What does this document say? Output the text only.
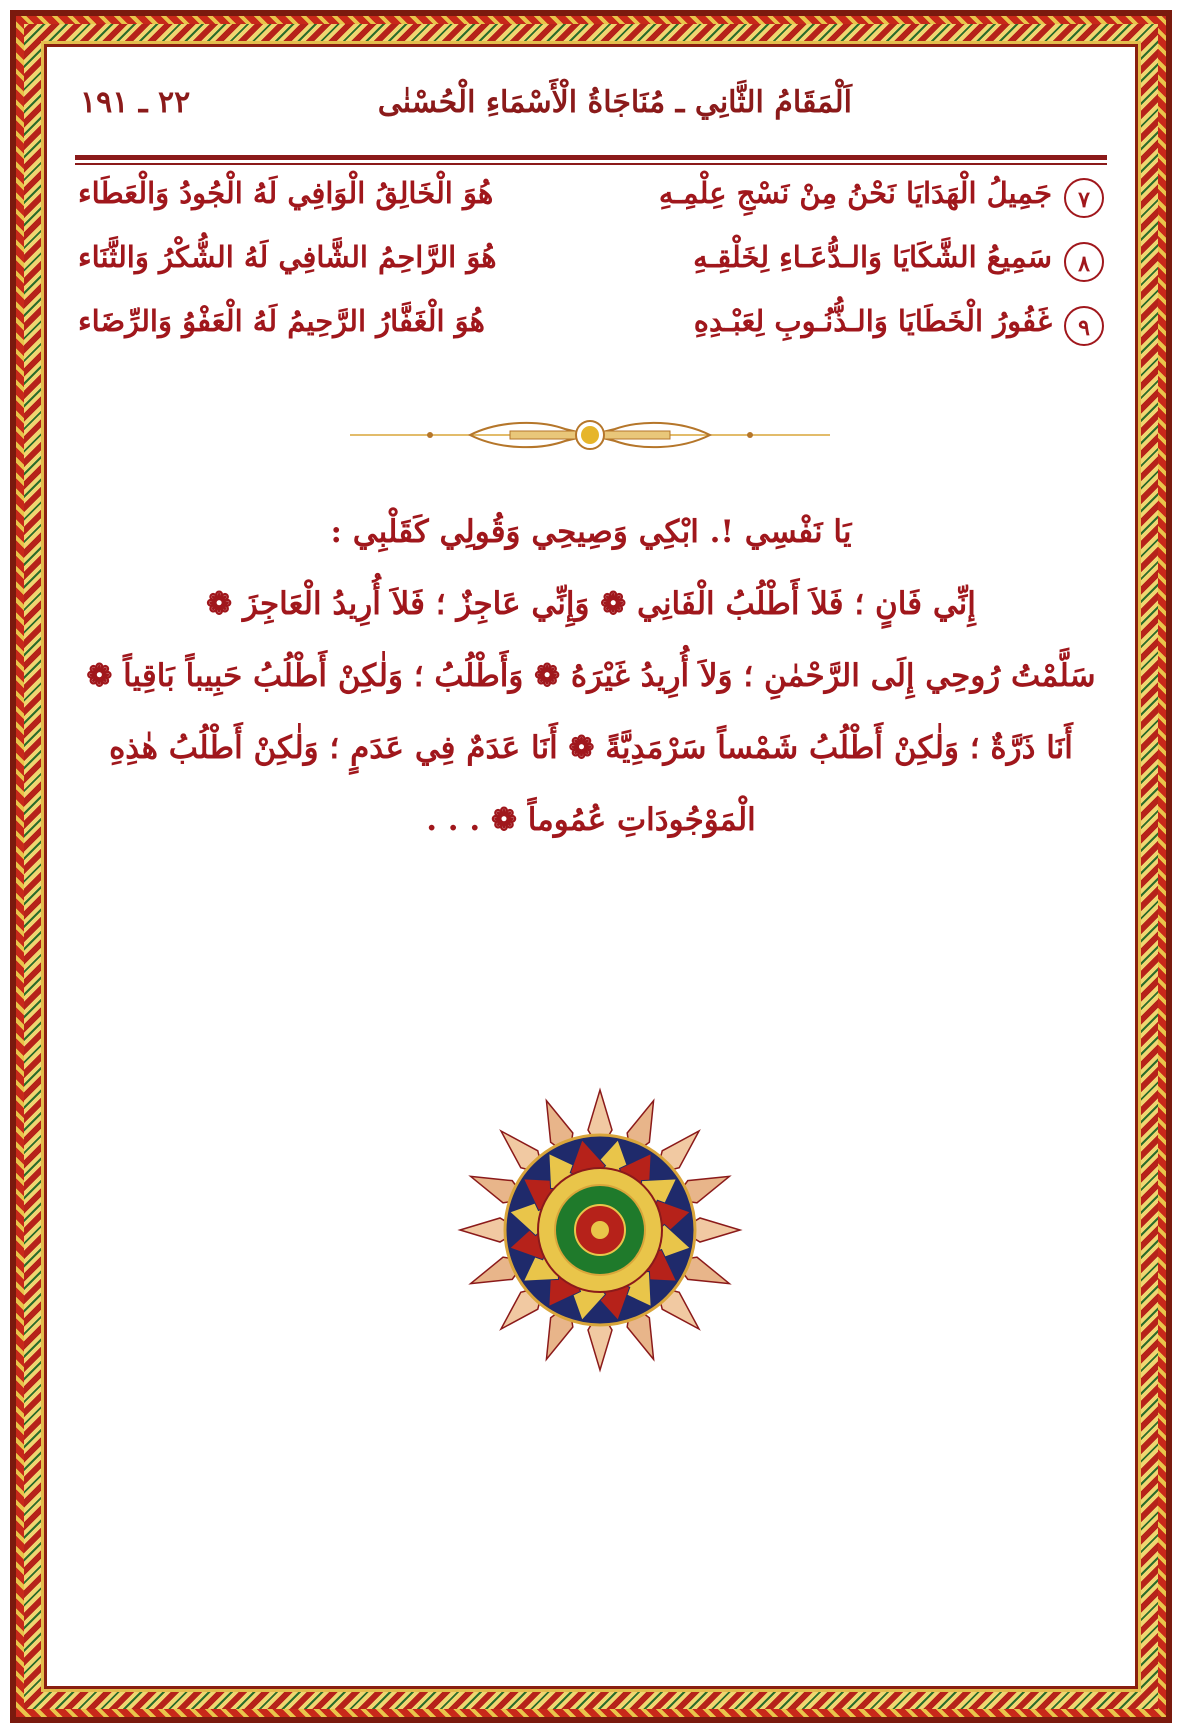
اَلْمَقَامُ الثَّانِي ـ مُنَاجَاةُ الْأَسْمَاءِ الْحُسْنٰى
٢٢ ـ ١٩١
٧
جَمِيلُ الْهَدَايَا نَحْنُ مِنْ نَسْجِ عِلْمِـهِ
هُوَ الْخَالِقُ الْوَافِي لَهُ الْجُودُ وَالْعَطَاء
٨
سَمِيعُ الشَّكَايَا وَالـدُّعَـاءِ لِخَلْقِـهِ
هُوَ الرَّاحِمُ الشَّافِي لَهُ الشُّكْرُ وَالثَّنَاء
٩
غَفُورُ الْخَطَايَا وَالـذُّنُـوبِ لِعَبْـدِهِ
هُوَ الْغَفَّارُ الرَّحِيمُ لَهُ الْعَفْوُ وَالرِّضَاء
يَا نَفْسِي !. ابْكِي وَصِيحِي وَقُولِي كَقَلْبِي :
إِنِّي فَانٍ ؛ فَلاَ أَطْلُبُ الْفَانِي ❁ وَإِنِّي عَاجِزٌ ؛ فَلاَ أُرِيدُ الْعَاجِزَ ❁
سَلَّمْتُ رُوحِي إِلَى الرَّحْمٰنِ ؛ وَلاَ أُرِيدُ غَيْرَهُ ❁ وَأَطْلُبُ ؛ وَلٰكِنْ أَطْلُبُ حَبِيباً بَاقِياً ❁
أَنَا ذَرَّةٌ ؛ وَلٰكِنْ أَطْلُبُ شَمْساً سَرْمَدِيَّةً ❁ أَنَا عَدَمٌ فِي عَدَمٍ ؛ وَلٰكِنْ أَطْلُبُ هٰذِهِ
الْمَوْجُودَاتِ عُمُوماً ❁ . . .
